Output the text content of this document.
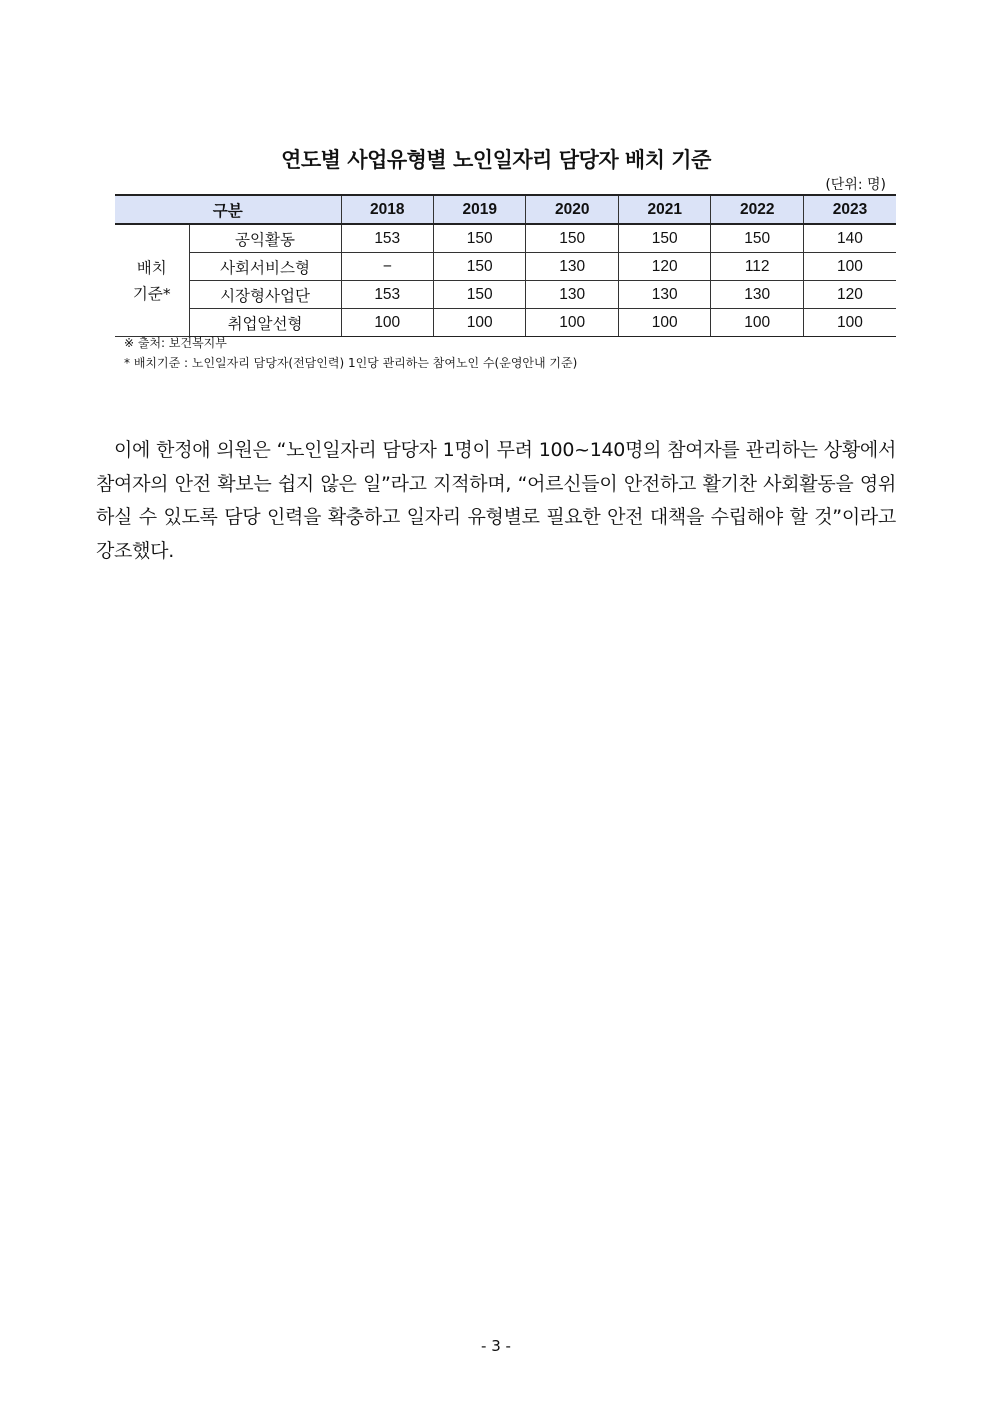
연도별 사업유형별 노인일자리 담당자 배치 기준
(단위: 명)
구분		2018	2019	2020	2021	2022	2023
배치
기준*	공익활동	153	150	150	150	150	140
	사회서비스형	−	150	130	120	112	100
	시장형사업단	153	150	130	130	130	120
	취업알선형	100	100	100	100	100	100
※ 출처: 보건복지부
* 배치기준 : 노인일자리 담당자(전담인력) 1인당 관리하는 참여노인 수(운영안내 기준)

이에 한정애 의원은 “노인일자리 담당자 1명이 무려 100~140명의 참여자를 관리하는 상황에서 참여자의 안전 확보는 쉽지 않은 일”라고 지적하며, “어르신들이 안전하고 활기찬 사회활동을 영위하실 수 있도록 담당 인력을 확충하고 일자리 유형별로 필요한 안전 대책을 수립해야 할 것”이라고 강조했다.

- 3 -
